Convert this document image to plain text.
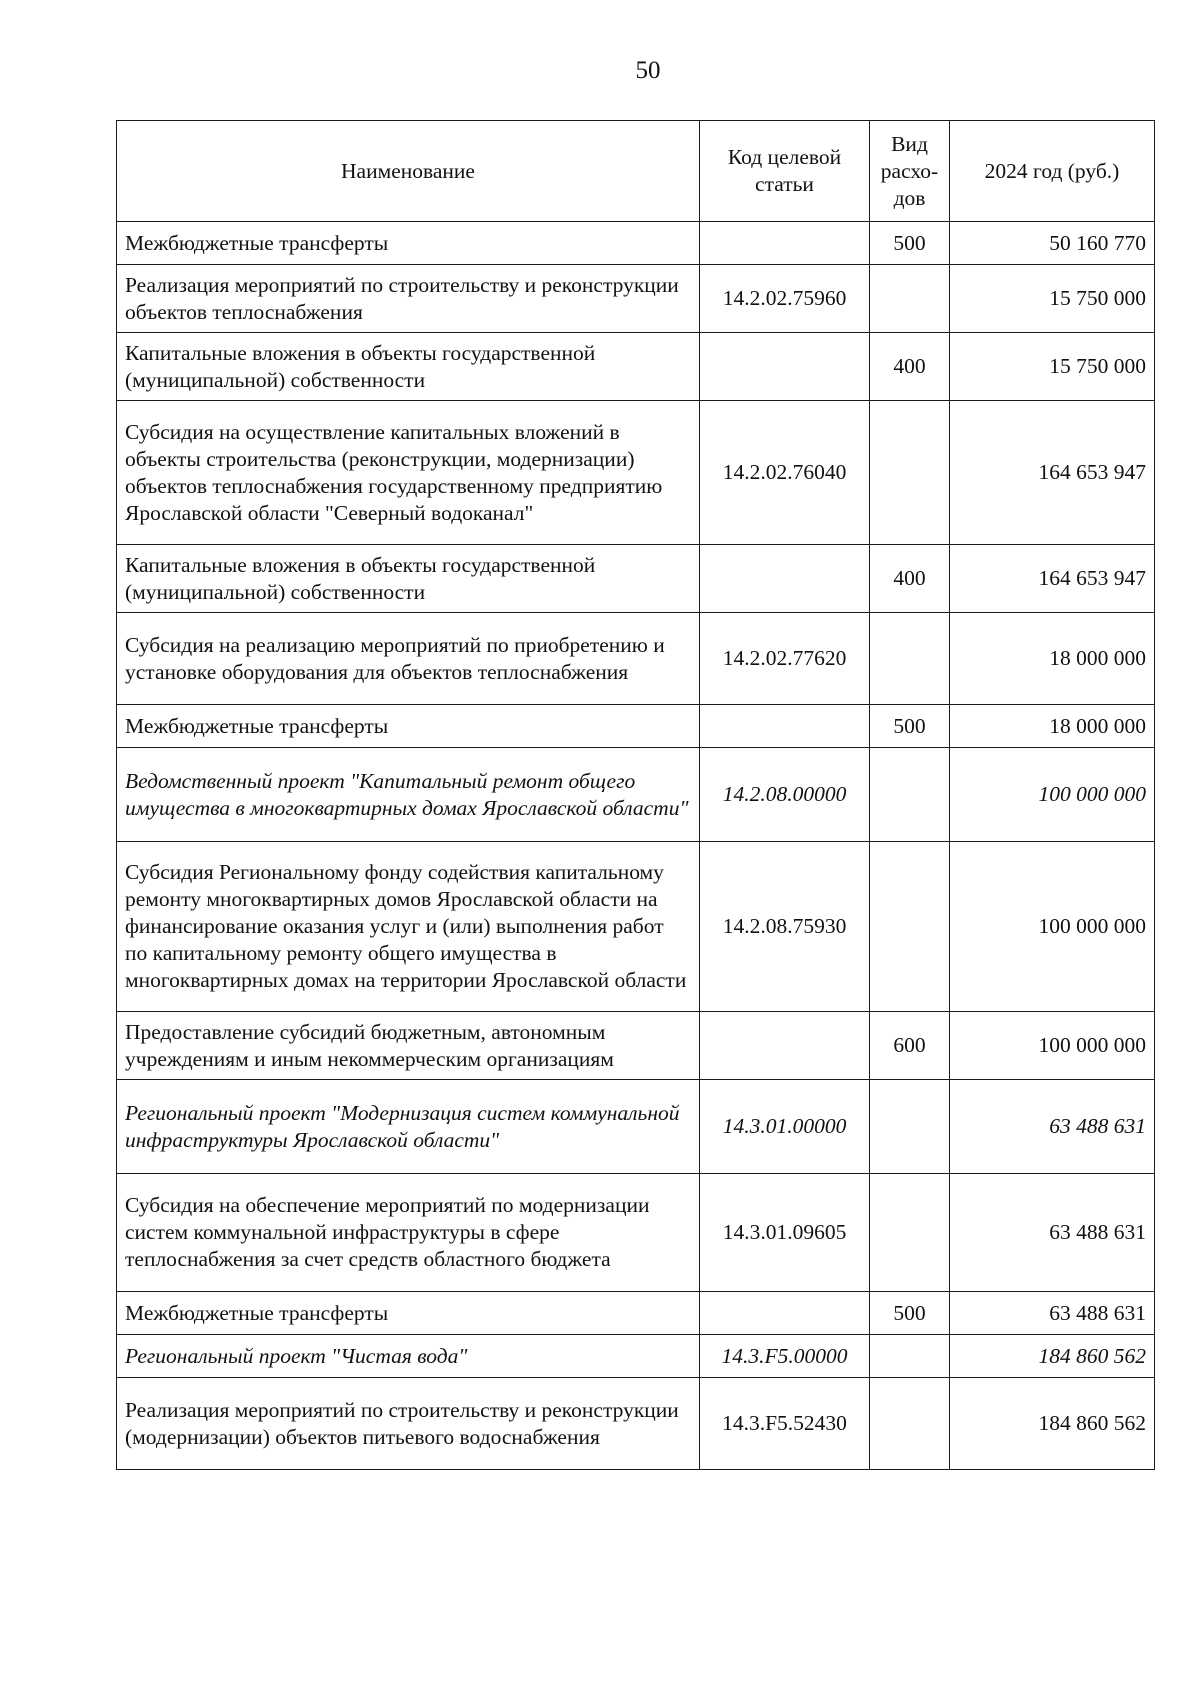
50
Наименование	Код целевой статьи	Вид расхо-дов	2024 год (руб.)
Межбюджетные трансферты		500	50 160 770
Реализация мероприятий по строительству и реконструкции объектов теплоснабжения	14.2.02.75960		15 750 000
Капитальные вложения в объекты государственной (муниципальной) собственности		400	15 750 000
Субсидия на осуществление капитальных вложений в объекты строительства (реконструкции, модернизации) объектов теплоснабжения государственному предприятию Ярославской области "Северный водоканал"	14.2.02.76040		164 653 947
Капитальные вложения в объекты государственной (муниципальной) собственности		400	164 653 947
Субсидия на реализацию мероприятий по приобретению и установке оборудования для объектов теплоснабжения	14.2.02.77620		18 000 000
Межбюджетные трансферты		500	18 000 000
Ведомственный проект "Капитальный ремонт общего имущества в многоквартирных домах Ярославской области"	14.2.08.00000		100 000 000
Субсидия Региональному фонду содействия капитальному ремонту многоквартирных домов Ярославской области на финансирование оказания услуг и (или) выполнения работ по капитальному ремонту общего имущества в многоквартирных домах на территории Ярославской области	14.2.08.75930		100 000 000
Предоставление субсидий бюджетным, автономным учреждениям и иным некоммерческим организациям		600	100 000 000
Региональный проект "Модернизация систем коммунальной инфраструктуры Ярославской области"	14.3.01.00000		63 488 631
Субсидия на обеспечение мероприятий по модернизации систем коммунальной инфраструктуры в сфере теплоснабжения за счет средств областного бюджета	14.3.01.09605		63 488 631
Межбюджетные трансферты		500	63 488 631
Региональный проект "Чистая вода"	14.3.F5.00000		184 860 562
Реализация мероприятий по строительству и реконструкции (модернизации) объектов питьевого водоснабжения	14.3.F5.52430		184 860 562
